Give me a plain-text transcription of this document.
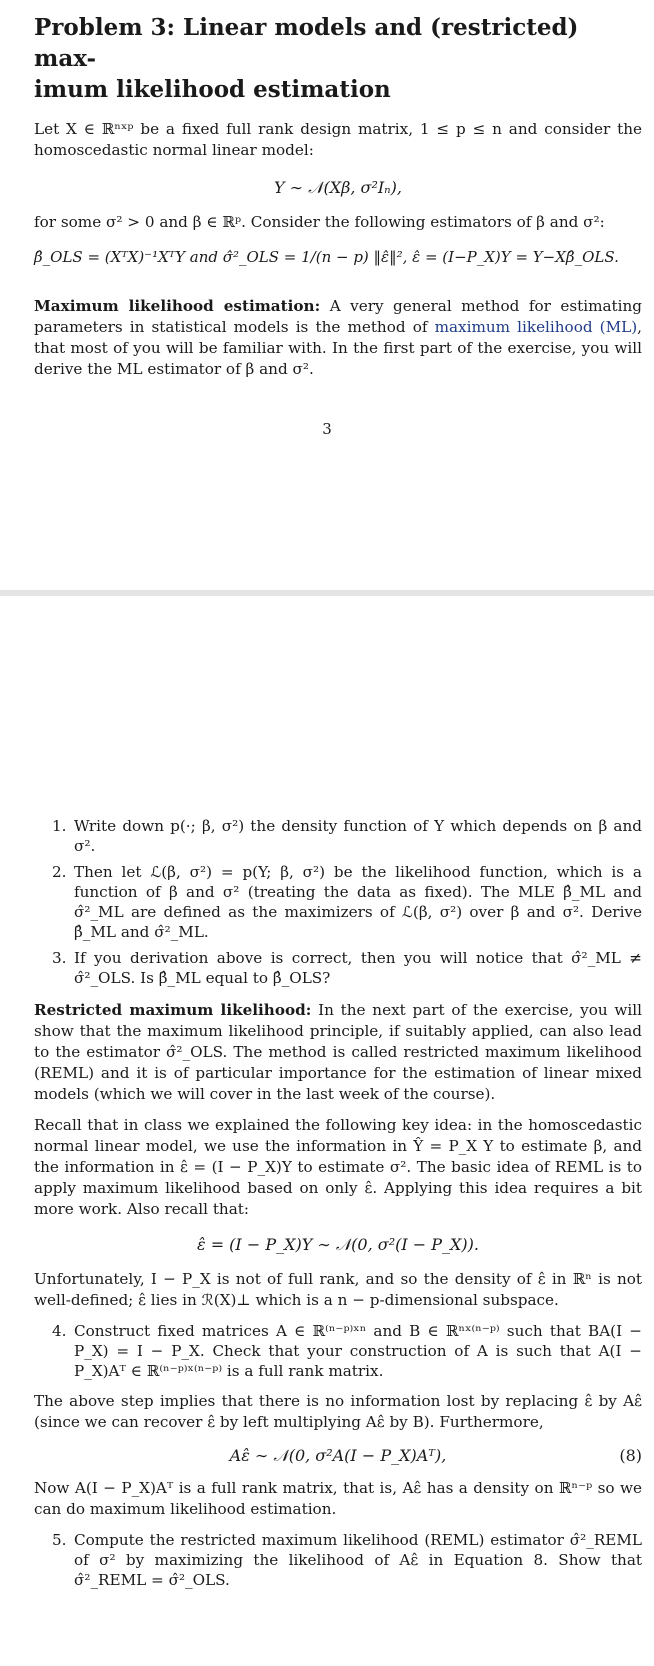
Problem 3: Linear models and (restricted) max-
imum likelihood estimation

Let X ∈ ℝⁿˣᵖ be a fixed full rank design matrix, 1 ≤ p ≤ n and consider the homoscedastic normal linear model:

Y ∼ 𝒩(Xβ, σ²Iₙ),

for some σ² > 0 and β ∈ ℝᵖ. Consider the following estimators of β and σ²:

β̂_OLS = (XᵀX)⁻¹XᵀY and σ̂²_OLS = 1/(n − p) ‖ε̂‖², ε̂ = (I−P_X)Y = Y−Xβ̂_OLS.

Maximum likelihood estimation: A very general method for estimating parameters in statistical models is the method of maximum likelihood (ML), that most of you will be familiar with. In the first part of the exercise, you will derive the ML estimator of β and σ².

3
1. Write down p(·; β, σ²) the density function of Y which depends on β and σ².
2. Then let ℒ(β, σ²) = p(Y; β, σ²) be the likelihood function, which is a function of β and σ² (treating the data as fixed). The MLE β̂_ML and σ̂²_ML are defined as the maximizers of ℒ(β, σ²) over β and σ². Derive β̂_ML and σ̂²_ML.
3. If you derivation above is correct, then you will notice that σ̂²_ML ≠ σ̂²_OLS. Is β̂_ML equal to β̂_OLS?

Restricted maximum likelihood: In the next part of the exercise, you will show that the maximum likelihood principle, if suitably applied, can also lead to the estimator σ̂²_OLS. The method is called restricted maximum likelihood (REML) and it is of particular importance for the estimation of linear mixed models (which we will cover in the last week of the course).

Recall that in class we explained the following key idea: in the homoscedastic normal linear model, we use the information in Ŷ = P_X Y to estimate β, and the information in ε̂ = (I − P_X)Y to estimate σ². The basic idea of REML is to apply maximum likelihood based on only ε̂. Applying this idea requires a bit more work. Also recall that:

ε̂ = (I − P_X)Y ∼ 𝒩(0, σ²(I − P_X)).

Unfortunately, I − P_X is not of full rank, and so the density of ε̂ in ℝⁿ is not well-defined; ε̂ lies in ℛ(X)⊥ which is a n − p-dimensional subspace.

4. Construct fixed matrices A ∈ ℝ⁽ⁿ⁻ᵖ⁾ˣⁿ and B ∈ ℝⁿˣ⁽ⁿ⁻ᵖ⁾ such that BA(I − P_X) = I − P_X. Check that your construction of A is such that A(I − P_X)Aᵀ ∈ ℝ⁽ⁿ⁻ᵖ⁾ˣ⁽ⁿ⁻ᵖ⁾ is a full rank matrix.

The above step implies that there is no information lost by replacing ε̂ by Aε̂ (since we can recover ε̂ by left multiplying Aε̂ by B). Furthermore,

Aε̂ ∼ 𝒩(0, σ²A(I − P_X)Aᵀ),	(8)

Now A(I − P_X)Aᵀ is a full rank matrix, that is, Aε̂ has a density on ℝⁿ⁻ᵖ so we can do maximum likelihood estimation.

5. Compute the restricted maximum likelihood (REML) estimator σ̂²_REML of σ² by maximizing the likelihood of Aε̂ in Equation 8. Show that σ̂²_REML = σ̂²_OLS.
